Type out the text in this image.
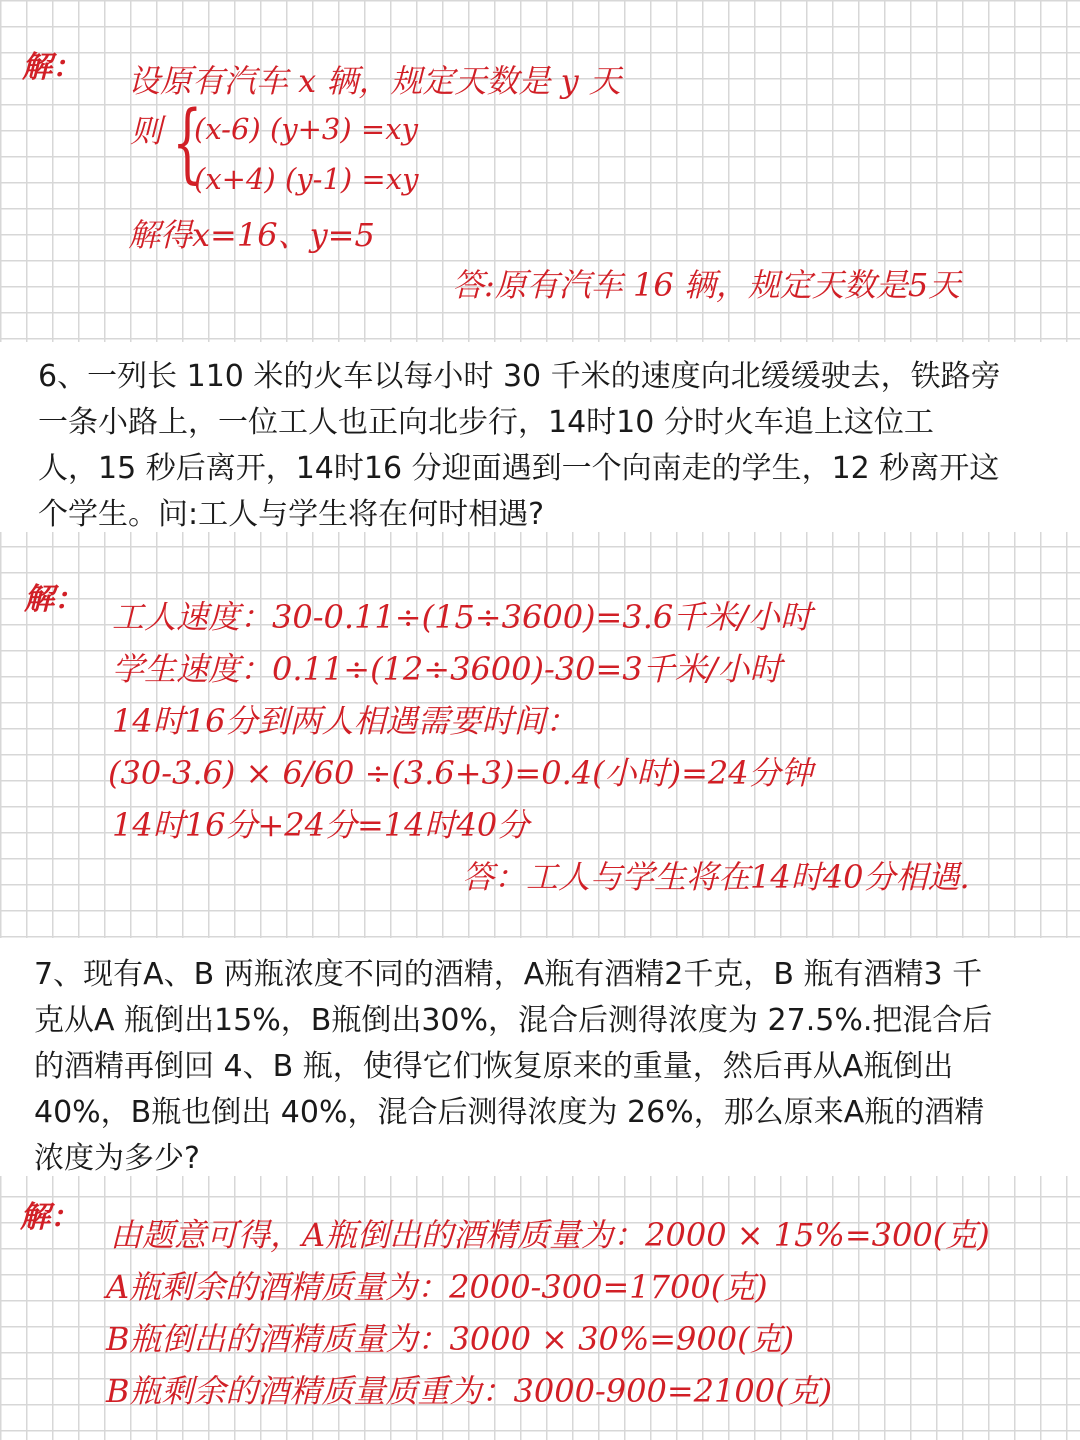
解： 设原有汽车 x 辆，规定天数是 y 天
则 {
(x-6) (y+3) =xy
(x+4) (y-1) =xy
解得x=16、y=5
答:原有汽车 16 辆，规定天数是5天
6、一列长 110 米的火车以每小时 30 千米的速度向北缓缓驶去，铁路旁
一条小路上，一位工人也正向北步行，14时10 分时火车追上这位工
人，15 秒后离开，14时16 分迎面遇到一个向南走的学生，12 秒离开这
个学生。问:工人与学生将在何时相遇?
解： 工人速度：30-0.11÷(15÷3600)=3.6千米/小时
学生速度：0.11÷(12÷3600)-30=3千米/小时
14时16分到两人相遇需要时间：
(30-3.6) × 6/60 ÷(3.6+3)=0.4(小时)=24分钟
14时16分+24分=14时40分
答：工人与学生将在14时40分相遇.
7、现有A、B 两瓶浓度不同的酒精，A瓶有酒精2千克，B 瓶有酒精3 千
克从A 瓶倒出15%，B瓶倒出30%，混合后测得浓度为 27.5%.把混合后
的酒精再倒回 4、B 瓶，使得它们恢复原来的重量，然后再从A瓶倒出
40%，B瓶也倒出 40%，混合后测得浓度为 26%，那么原来A瓶的酒精
浓度为多少?
解： 由题意可得，A瓶倒出的酒精质量为：2000 × 15%=300(克)
A瓶剩余的酒精质量为：2000-300=1700(克)
B瓶倒出的酒精质量为：3000 × 30%=900(克)
B瓶剩余的酒精质量质重为：3000-900=2100(克)
